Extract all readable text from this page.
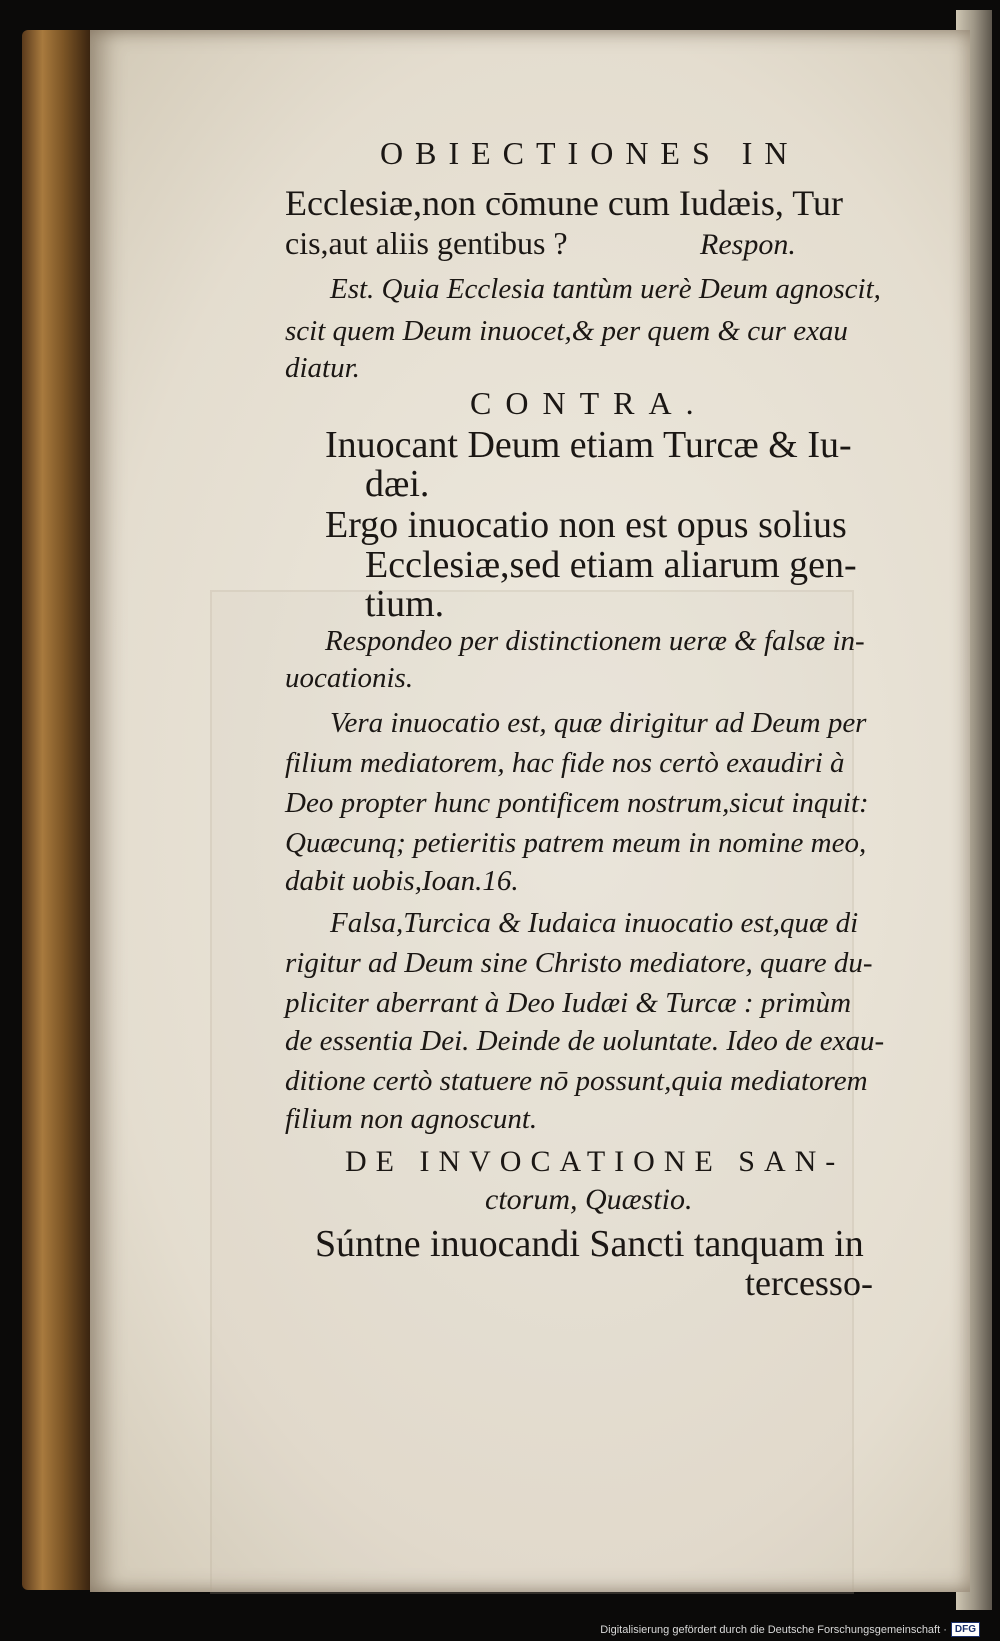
OBIECTIONES IN
Ecclesiæ,non cōmune cum Iudæis, Tur
cis,aut aliis gentibus ?	Respon.
Est. Quia Ecclesia tantùm uerè Deum agnoscit,
scit quem Deum inuocet,& per quem & cur exau
diatur.
CONTRA.
Inuocant Deum etiam Turcæ & Iu-
dæi.
Ergo inuocatio non est opus solius
Ecclesiæ,sed etiam aliarum gen-
tium.
Respondeo per distinctionem ueræ & falsæ in-
uocationis.
Vera inuocatio est, quæ dirigitur ad Deum per
filium mediatorem, hac fide nos certò exaudiri à
Deo propter hunc pontificem nostrum,sicut inquit:
Quæcunq; petieritis patrem meum in nomine meo,
dabit uobis,Ioan.16.
Falsa,Turcica & Iudaica inuocatio est,quæ di
rigitur ad Deum sine Christo mediatore, quare du-
pliciter aberrant à Deo Iudæi & Turcæ : primùm
de essentia Dei. Deinde de uoluntate. Ideo de exau-
ditione certò statuere nō possunt,quia mediatorem
filium non agnoscunt.
DE INVOCATIONE SAN-
ctorum, Quæstio.
Súntne inuocandi Sancti tanquam in
tercesso-
Digitalisierung gefördert durch die Deutsche Forschungsgemeinschaft · DFG
